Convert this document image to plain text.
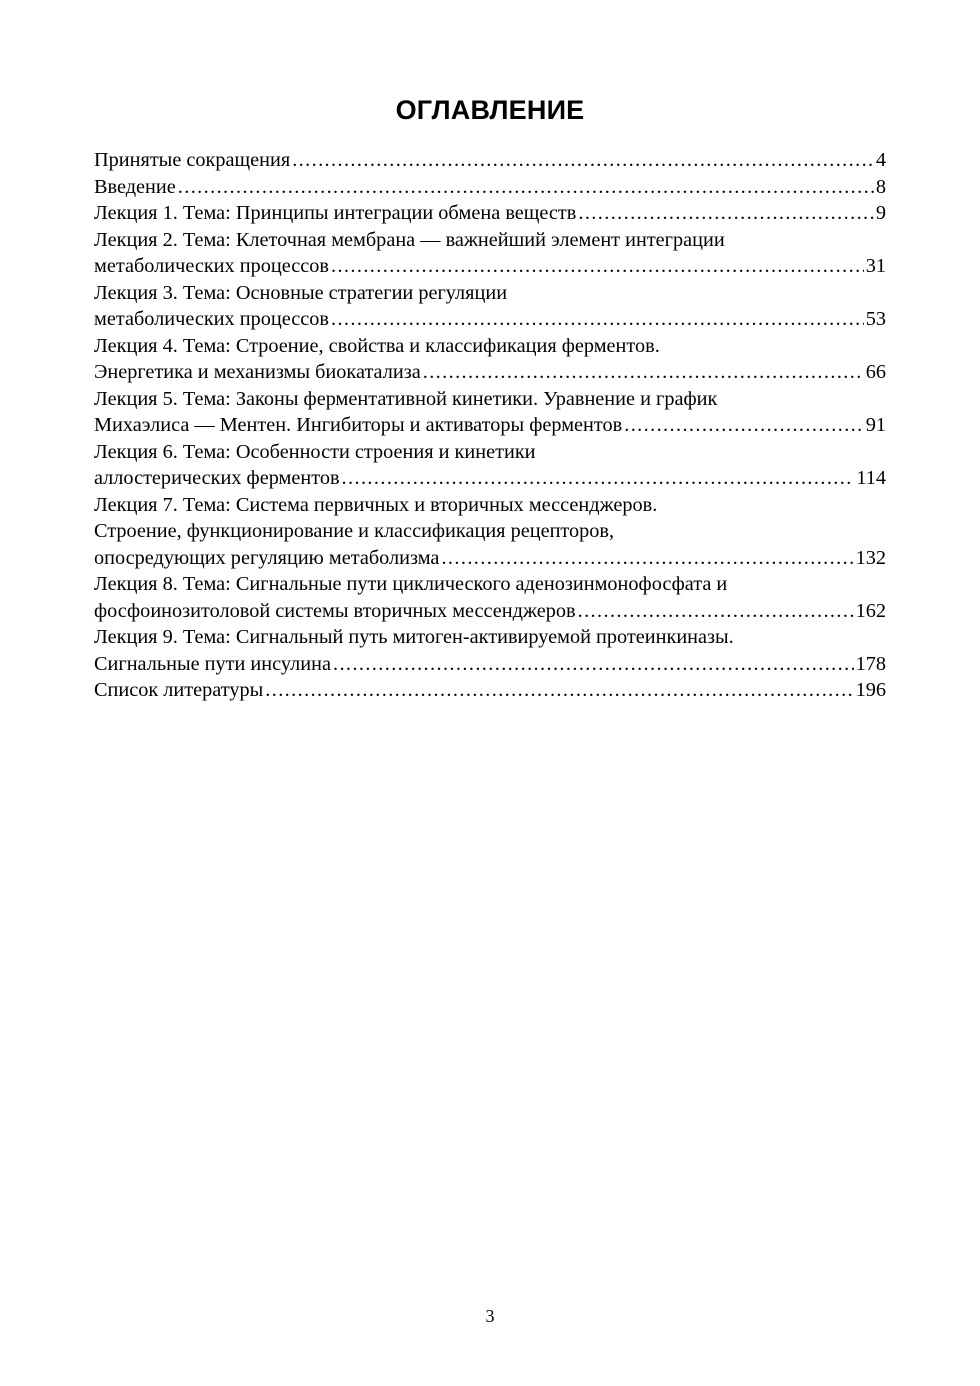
ОГЛАВЛЕНИЕ
Принятые сокращения .....	4
Введение .....	8
Лекция 1. Тема: Принципы интеграции обмена веществ .....	9
Лекция 2. Тема: Клеточная мембрана — важнейший элемент интеграции
метаболических процессов .....	31
Лекция 3. Тема: Основные стратегии регуляции
метаболических процессов .....	53
Лекция 4. Тема: Строение, свойства и классификация ферментов.
Энергетика и механизмы биокатализа .....	66
Лекция 5. Тема: Законы ферментативной кинетики. Уравнение и график
Михаэлиса — Ментен. Ингибиторы и активаторы ферментов .....	91
Лекция 6. Тема: Особенности строения и кинетики
аллостерических ферментов .....	114
Лекция 7. Тема: Система первичных и вторичных мессенджеров.
Строение, функционирование и классификация рецепторов,
опосредующих регуляцию метаболизма .....	132
Лекция 8. Тема: Сигнальные пути циклического аденозинмонофосфата и
фосфоинозитоловой системы вторичных мессенджеров .....	162
Лекция 9. Тема: Сигнальный путь митоген-активируемой протеинкиназы.
Сигнальные пути инсулина .....	178
Список литературы .....	196
3
